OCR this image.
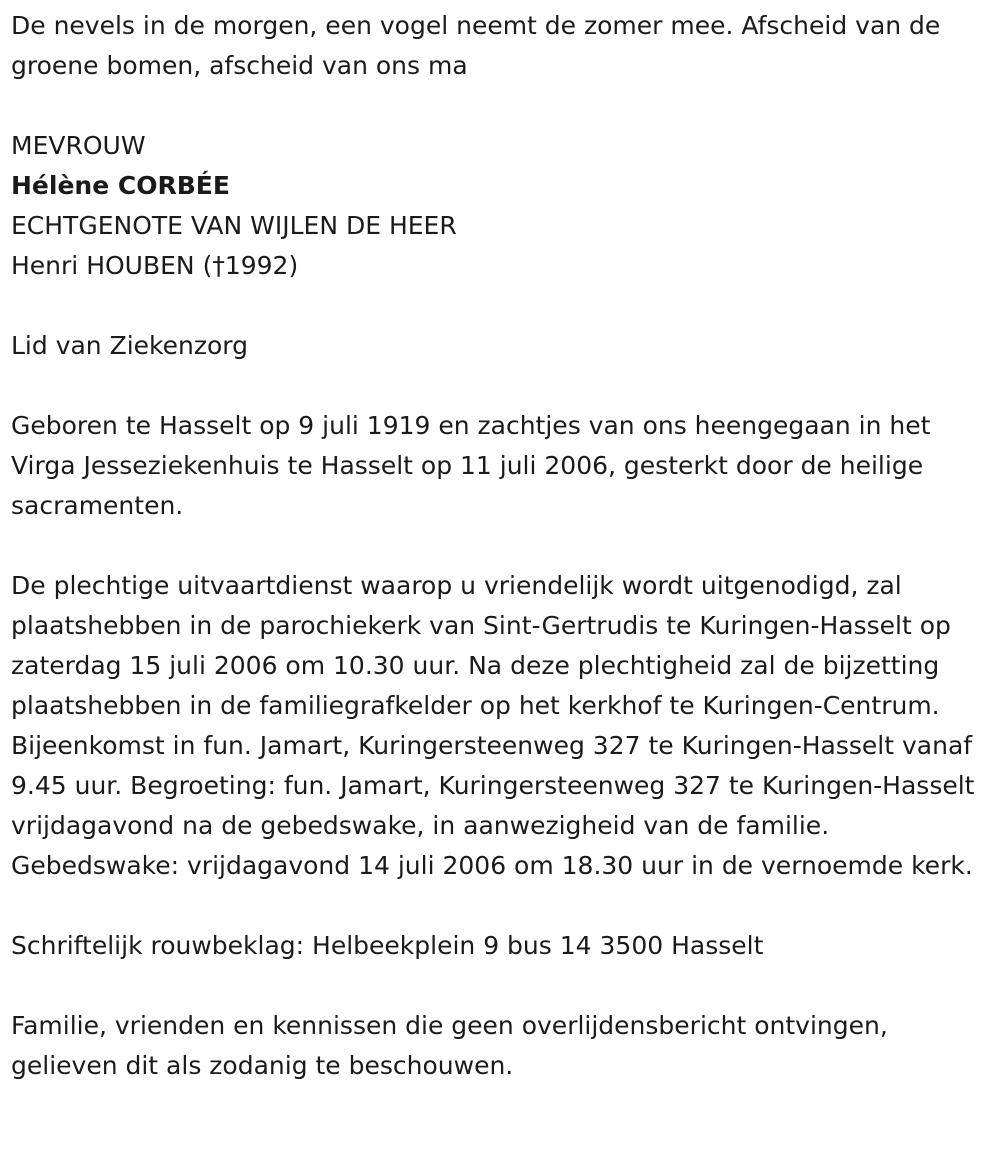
De nevels in de morgen, een vogel neemt de zomer mee. Afscheid van de groene bomen, afscheid van ons ma

MEVROUW

Hélène CORBÉE

ECHTGENOTE VAN WIJLEN DE HEER

Henri HOUBEN (†1992)

Lid van Ziekenzorg

Geboren te Hasselt op 9 juli 1919 en zachtjes van ons heengegaan in het Virga Jesseziekenhuis te Hasselt op 11 juli 2006, gesterkt door de heilige sacramenten.

De plechtige uitvaartdienst waarop u vriendelijk wordt uitgenodigd, zal plaatshebben in de parochiekerk van Sint-Gertrudis te Kuringen-Hasselt op zaterdag 15 juli 2006 om 10.30 uur. Na deze plechtigheid zal de bijzetting plaatshebben in de familiegrafkelder op het kerkhof te Kuringen-Centrum. Bijeenkomst in fun. Jamart, Kuringersteenweg 327 te Kuringen-Hasselt vanaf 9.45 uur. Begroeting: fun. Jamart, Kuringersteenweg 327 te Kuringen-Hasselt vrijdagavond na de gebedswake, in aanwezigheid van de familie. Gebedswake: vrijdagavond 14 juli 2006 om 18.30 uur in de vernoemde kerk.

Schriftelijk rouwbeklag: Helbeekplein 9 bus 14 3500 Hasselt

Familie, vrienden en kennissen die geen overlijdensbericht ontvingen, gelieven dit als zodanig te beschouwen.
